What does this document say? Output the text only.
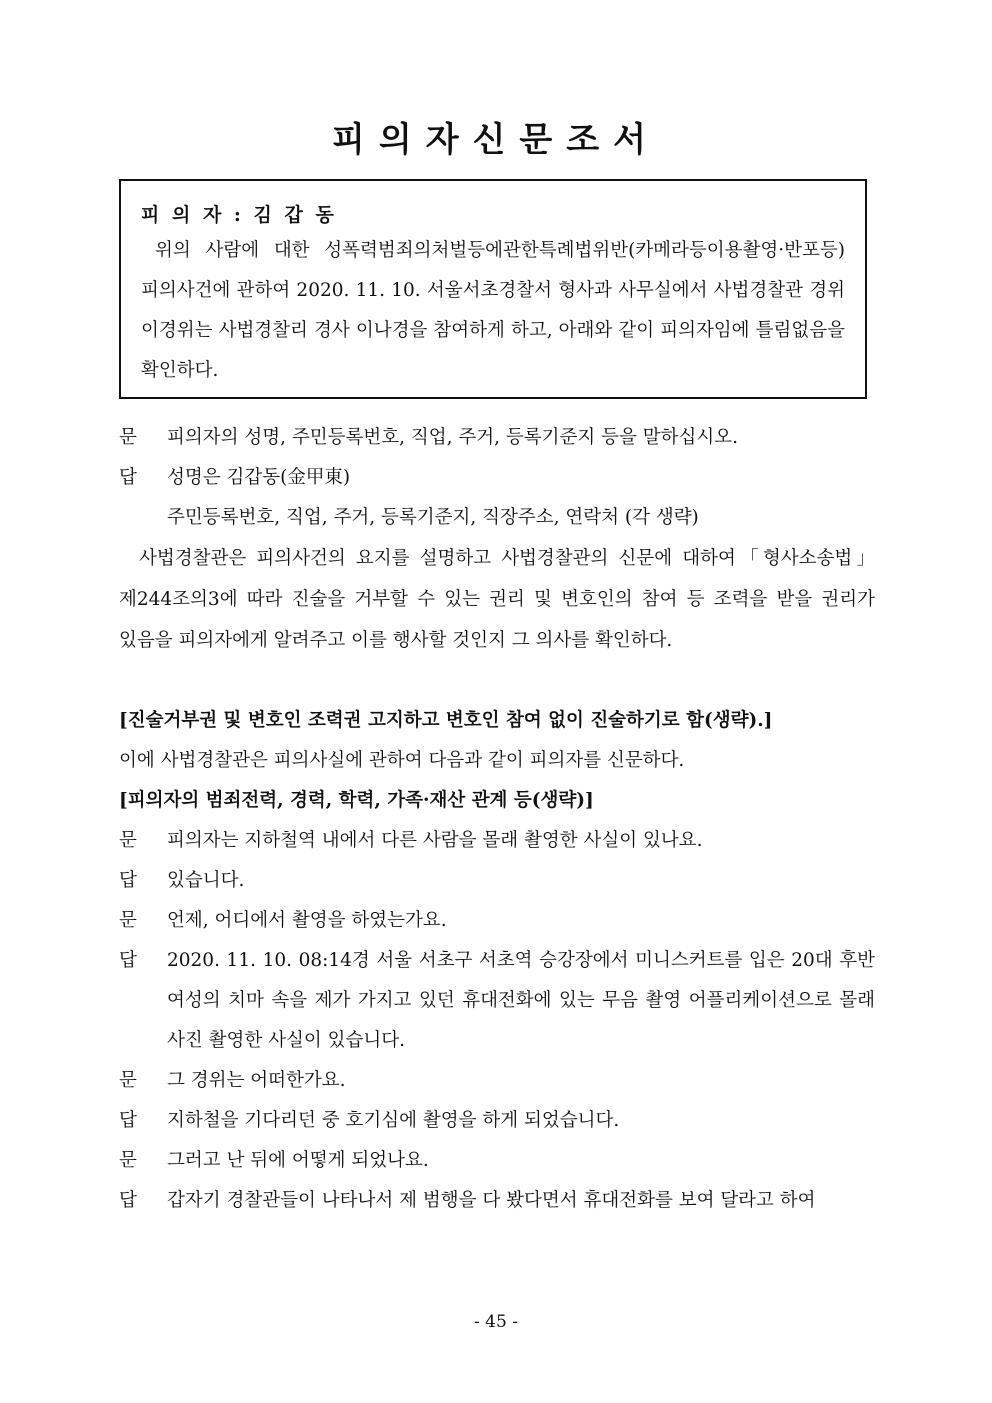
피의자신문조서
피 의 자 : 김 갑 동
위의 사람에 대한 성폭력범죄의처벌등에관한특례법위반(카메라등이용촬영·반포등) 피의사건에 관하여 2020. 11. 10. 서울서초경찰서 형사과 사무실에서 사법경찰관 경위 이경위는 사법경찰리 경사 이나경을 참여하게 하고, 아래와 같이 피의자임에 틀림없음을 확인하다.
문	피의자의 성명, 주민등록번호, 직업, 주거, 등록기준지 등을 말하십시오.
답	성명은 김갑동(金甲東)
주민등록번호, 직업, 주거, 등록기준지, 직장주소, 연락처 (각 생략)
사법경찰관은 피의사건의 요지를 설명하고 사법경찰관의 신문에 대하여「형사소송법」제244조의3에 따라 진술을 거부할 수 있는 권리 및 변호인의 참여 등 조력을 받을 권리가 있음을 피의자에게 알려주고 이를 행사할 것인지 그 의사를 확인하다.
[진술거부권 및 변호인 조력권 고지하고 변호인 참여 없이 진술하기로 함(생략).]
이에 사법경찰관은 피의사실에 관하여 다음과 같이 피의자를 신문하다.
[피의자의 범죄전력, 경력, 학력, 가족·재산 관계 등(생략)]
문	피의자는 지하철역 내에서 다른 사람을 몰래 촬영한 사실이 있나요.
답	있습니다.
문	언제, 어디에서 촬영을 하였는가요.
답	2020. 11. 10. 08:14경 서울 서초구 서초역 승강장에서 미니스커트를 입은 20대 후반 여성의 치마 속을 제가 가지고 있던 휴대전화에 있는 무음 촬영 어플리케이션으로 몰래 사진 촬영한 사실이 있습니다.
문	그 경위는 어떠한가요.
답	지하철을 기다리던 중 호기심에 촬영을 하게 되었습니다.
문	그러고 난 뒤에 어떻게 되었나요.
답	갑자기 경찰관들이 나타나서 제 범행을 다 봤다면서 휴대전화를 보여 달라고 하여
- 45 -
